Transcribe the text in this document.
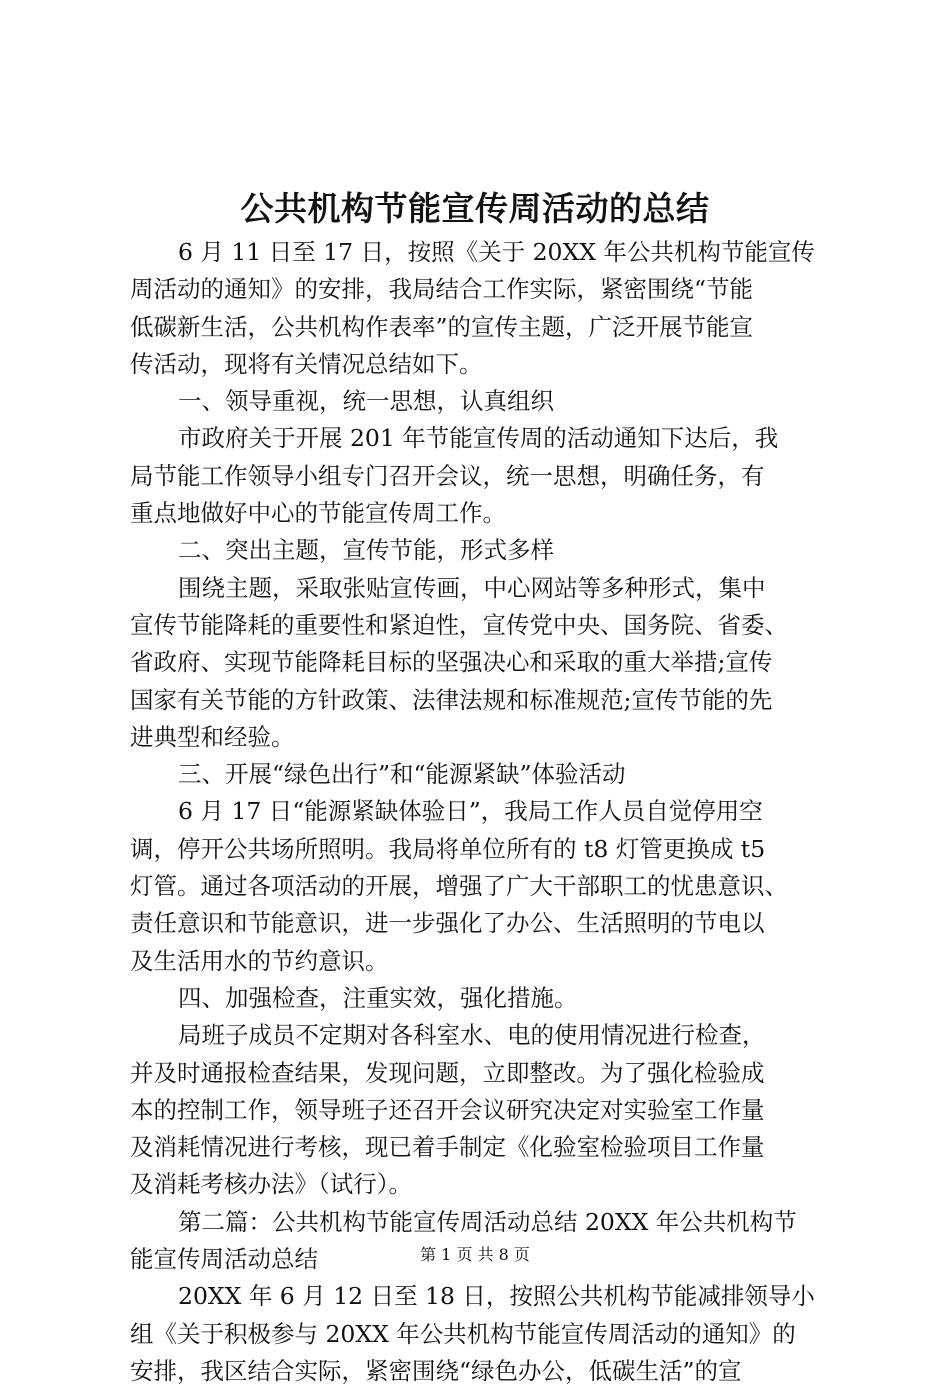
公共机构节能宣传周活动的总结
6 月 11 日至 17 日，按照《关于 20XX 年公共机构节能宣传
周活动的通知》的安排，我局结合工作实际，紧密围绕“节能
低碳新生活，公共机构作表率”的宣传主题，广泛开展节能宣
传活动，现将有关情况总结如下。
一、领导重视，统一思想，认真组织
市政府关于开展 201 年节能宣传周的活动通知下达后，我
局节能工作领导小组专门召开会议，统一思想，明确任务，有
重点地做好中心的节能宣传周工作。
二、突出主题，宣传节能，形式多样
围绕主题，采取张贴宣传画，中心网站等多种形式，集中
宣传节能降耗的重要性和紧迫性，宣传党中央、国务院、省委、
省政府、实现节能降耗目标的坚强决心和采取的重大举措;宣传
国家有关节能的方针政策、法律法规和标准规范;宣传节能的先
进典型和经验。
三、开展“绿色出行”和“能源紧缺”体验活动
6 月 17 日“能源紧缺体验日”，我局工作人员自觉停用空
调，停开公共场所照明。我局将单位所有的 t8 灯管更换成 t5
灯管。通过各项活动的开展，增强了广大干部职工的忧患意识、
责任意识和节能意识，进一步强化了办公、生活照明的节电以
及生活用水的节约意识。
四、加强检查，注重实效，强化措施。
局班子成员不定期对各科室水、电的使用情况进行检查，
并及时通报检查结果，发现问题，立即整改。为了强化检验成
本的控制工作，领导班子还召开会议研究决定对实验室工作量
及消耗情况进行考核，现已着手制定《化验室检验项目工作量
及消耗考核办法》（试行）。
第二篇：公共机构节能宣传周活动总结 20XX 年公共机构节
能宣传周活动总结
20XX 年 6 月 12 日至 18 日，按照公共机构节能减排领导小
组《关于积极参与 20XX 年公共机构节能宣传周活动的通知》的
安排，我区结合实际，紧密围绕“绿色办公，低碳生活”的宣
第 1 页 共 8 页
